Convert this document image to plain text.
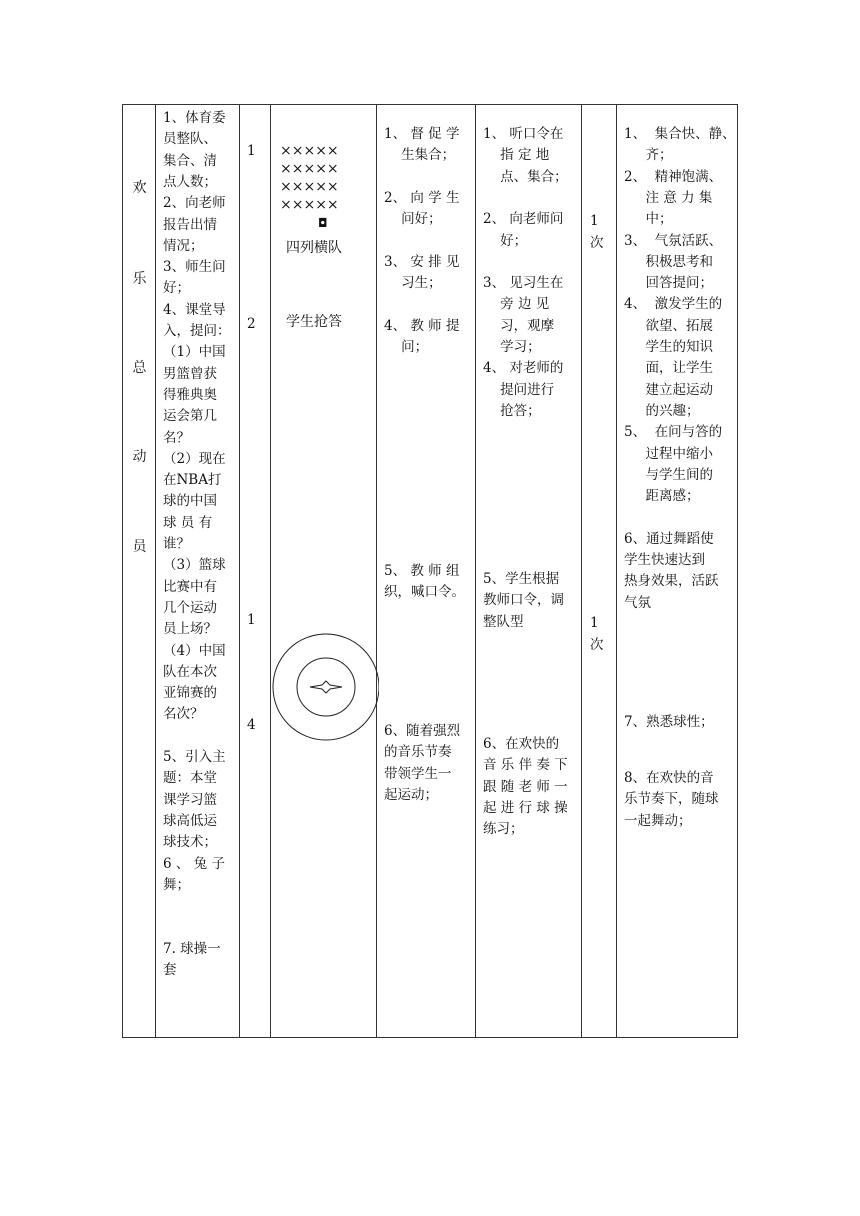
欢
乐
总
动
员
1、体育委
员整队、
集合、清
点人数；
2、向老师
报告出情
情况；
3、师生问
好；
4、课堂导
入，提问：
（1）中国
男篮曾获
得雅典奥
运会第几
名？
（2）现在
在NBA打
球的中国
球 员 有
谁？
（3）篮球
比赛中有
几个运动
员上场？
（4）中国
队在本次
亚锦赛的
名次？
5、引入主
题：本堂
课学习篮
球高低运
球技术；
6 、 兔 子
舞；
7. 球操一
套
1
2
1
4
×××××
×××××
×××××
×××××
◘
四列横队
学生抢答
1、 督 促 学
生集合；
2、 向 学 生
问好；
3、 安 排 见
习生；
4、 教 师 提
问；
5、 教 师 组
织，喊口令。
6、随着强烈
的音乐节奏
带领学生一
起运动；
1、 听口令在
指 定 地
点、集合；
2、 向老师问
好；
3、 见习生在
旁 边 见
习，观摩
学习；
4、 对老师的
提问进行
抢答；
5、学生根据
教师口令，调
整队型
6、在欢快的
音 乐 伴 奏 下
跟 随 老 师 一
起 进 行 球 操
练习；
1
次
1
次
1、  集合快、静、
齐；
2、  精神饱满、
注 意 力 集
中；
3、  气氛活跃、
积极思考和
回答提问；
4、  激发学生的
欲望、拓展
学生的知识
面，让学生
建立起运动
的兴趣；
5、  在问与答的
过程中缩小
与学生间的
距离感；
6、通过舞蹈使
学生快速达到
热身效果，活跃
气氛
7、熟悉球性；
8、在欢快的音
乐节奏下，随球
一起舞动；
